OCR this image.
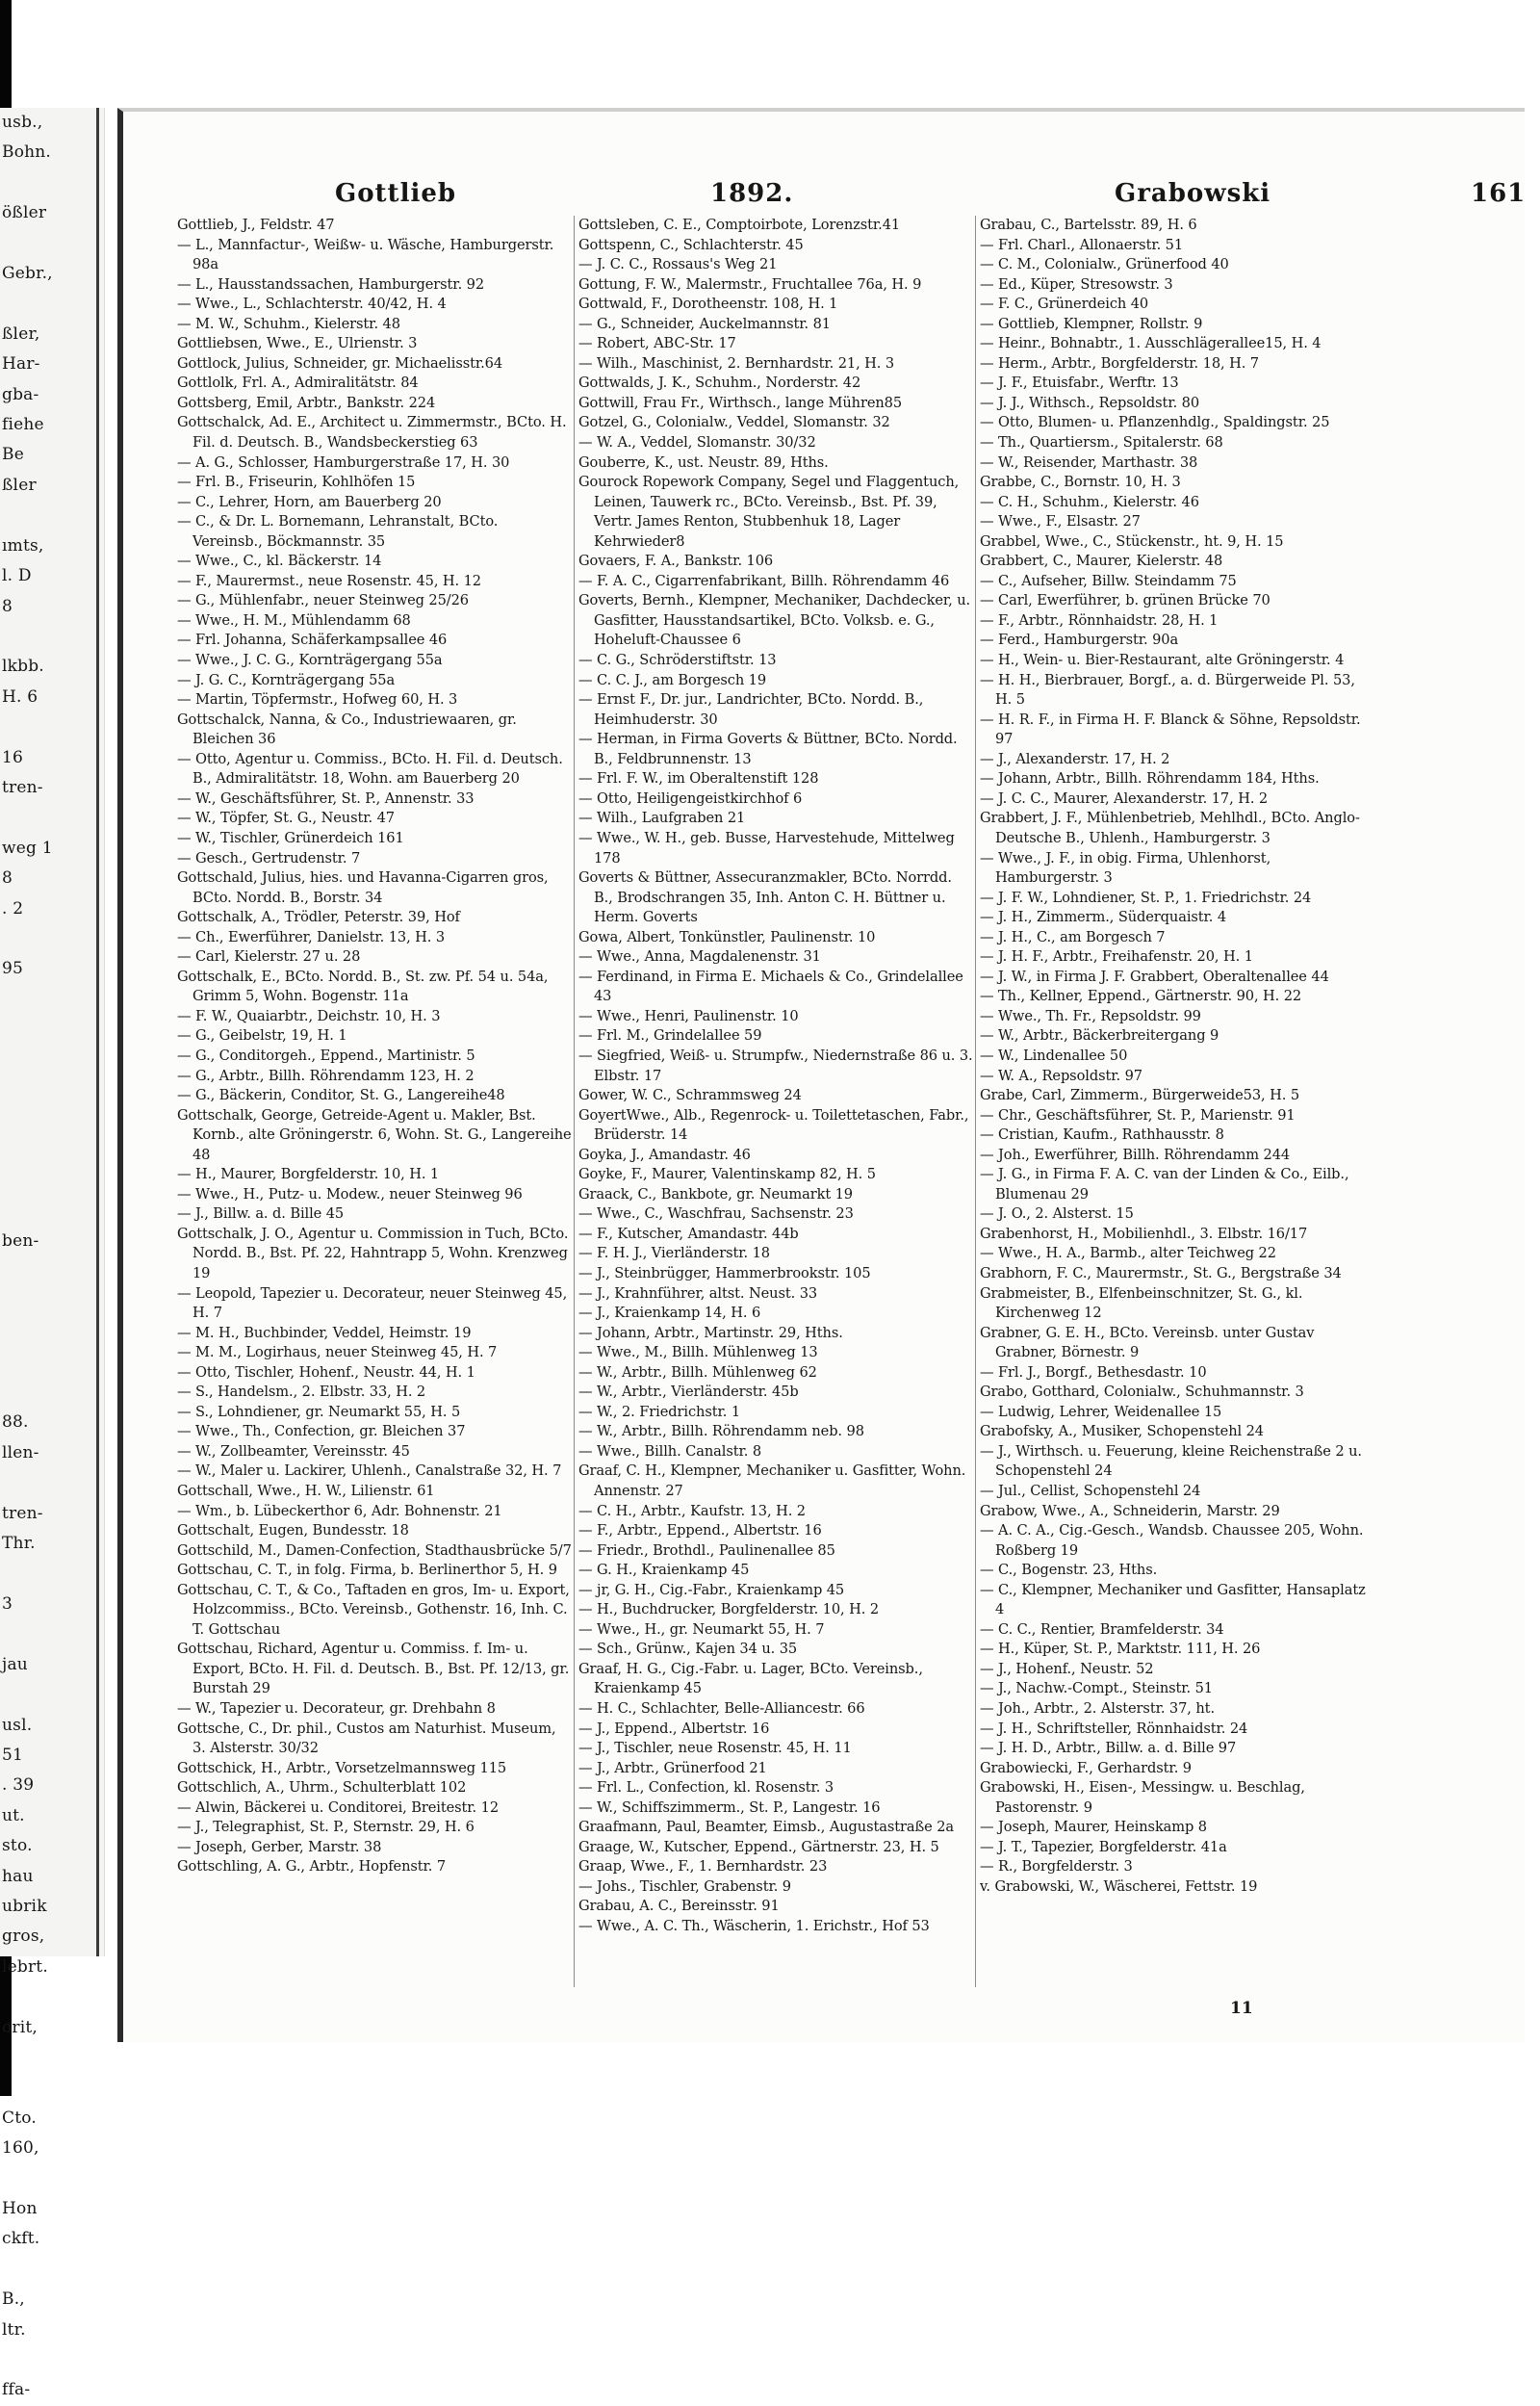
usb.,
Bohn.

ößler

Gebr.,

ßler,
Har-
gba-
fiehe
Be
ßler

ımts,
l. D
8

lkbb.
H. 6

16
tren-

weg 1
8
. 2

95

ben-

88.
llen-

tren-
Thr.

3

jau

usl.
51
. 39
ut.
sto.
hau
ubrik
gros,
lebrt.

orit,

Cto.
160,

Hon
ckft.

B.,
ltr.

ffa-
Gottlieb	1892.	Grabowski	161

Gottlieb, J., Feldstr. 47

— L., Mannfactur-, Weißw- u. Wäsche, Hamburgerstr. 98a

— L., Hausstandssachen, Hamburgerstr. 92

— Wwe., L., Schlachterstr. 40/42, H. 4

— M. W., Schuhm., Kielerstr. 48

Gottliebsen, Wwe., E., Ulrienstr. 3

Gottlock, Julius, Schneider, gr. Michaelisstr.64

Gottlolk, Frl. A., Admiralitätstr. 84

Gottsberg, Emil, Arbtr., Bankstr. 224

Gottschalck, Ad. E., Architect u. Zimmermstr., BCto. H. Fil. d. Deutsch. B., Wandsbeckerstieg 63

— A. G., Schlosser, Hamburgerstraße 17, H. 30

— Frl. B., Friseurin, Kohlhöfen 15

— C., Lehrer, Horn, am Bauerberg 20

— C., & Dr. L. Bornemann, Lehranstalt, BCto. Vereinsb., Böckmannstr. 35

— Wwe., C., kl. Bäckerstr. 14

— F., Maurermst., neue Rosenstr. 45, H. 12

— G., Mühlenfabr., neuer Steinweg 25/26

— Wwe., H. M., Mühlendamm 68

— Frl. Johanna, Schäferkampsallee 46

— Wwe., J. C. G., Kornträgergang 55a

— J. G. C., Kornträgergang 55a

— Martin, Töpfermstr., Hofweg 60, H. 3

Gottschalck, Nanna, & Co., Industriewaaren, gr. Bleichen 36

— Otto, Agentur u. Commiss., BCto. H. Fil. d. Deutsch. B., Admiralitätstr. 18, Wohn. am Bauerberg 20

— W., Geschäftsführer, St. P., Annenstr. 33

— W., Töpfer, St. G., Neustr. 47

— W., Tischler, Grünerdeich 161

— Gesch., Gertrudenstr. 7

Gottschald, Julius, hies. und Havanna-Cigarren gros, BCto. Nordd. B., Borstr. 34

Gottschalk, A., Trödler, Peterstr. 39, Hof

— Ch., Ewerführer, Danielstr. 13, H. 3

— Carl, Kielerstr. 27 u. 28

Gottschalk, E., BCto. Nordd. B., St. zw. Pf. 54 u. 54a, Grimm 5, Wohn. Bogenstr. 11a

— F. W., Quaiarbtr., Deichstr. 10, H. 3

— G., Geibelstr, 19, H. 1

— G., Conditorgeh., Eppend., Martinistr. 5

— G., Arbtr., Billh. Röhrendamm 123, H. 2

— G., Bäckerin, Conditor, St. G., Langereihe48

Gottschalk, George, Getreide-Agent u. Makler, Bst. Kornb., alte Gröningerstr. 6, Wohn. St. G., Langereihe 48

— H., Maurer, Borgfelderstr. 10, H. 1

— Wwe., H., Putz- u. Modew., neuer Steinweg 96

— J., Billw. a. d. Bille 45

Gottschalk, J. O., Agentur u. Commission in Tuch, BCto. Nordd. B., Bst. Pf. 22, Hahntrapp 5, Wohn. Krenzweg 19

— Leopold, Tapezier u. Decorateur, neuer Steinweg 45, H. 7

— M. H., Buchbinder, Veddel, Heimstr. 19

— M. M., Logirhaus, neuer Steinweg 45, H. 7

— Otto, Tischler, Hohenf., Neustr. 44, H. 1

— S., Handelsm., 2. Elbstr. 33, H. 2

— S., Lohndiener, gr. Neumarkt 55, H. 5

— Wwe., Th., Confection, gr. Bleichen 37

— W., Zollbeamter, Vereinsstr. 45

— W., Maler u. Lackirer, Uhlenh., Canalstraße 32, H. 7

Gottschall, Wwe., H. W., Lilienstr. 61

— Wm., b. Lübeckerthor 6, Adr. Bohnenstr. 21

Gottschalt, Eugen, Bundesstr. 18

Gottschild, M., Damen-Confection, Stadthausbrücke 5/7

Gottschau, C. T., in folg. Firma, b. Berlinerthor 5, H. 9

Gottschau, C. T., & Co., Taftaden en gros, Im- u. Export, Holzcommiss., BCto. Vereinsb., Gothenstr. 16, Inh. C. T. Gottschau

Gottschau, Richard, Agentur u. Commiss. f. Im- u. Export, BCto. H. Fil. d. Deutsch. B., Bst. Pf. 12/13, gr. Burstah 29

— W., Tapezier u. Decorateur, gr. Drehbahn 8

Gottsche, C., Dr. phil., Custos am Naturhist. Museum, 3. Alsterstr. 30/32

Gottschick, H., Arbtr., Vorsetzelmannsweg 115

Gottschlich, A., Uhrm., Schulterblatt 102

— Alwin, Bäckerei u. Conditorei, Breitestr. 12

— J., Telegraphist, St. P., Sternstr. 29, H. 6

— Joseph, Gerber, Marstr. 38

Gottschling, A. G., Arbtr., Hopfenstr. 7

Gottsleben, C. E., Comptoirbote, Lorenzstr.41

Gottspenn, C., Schlachterstr. 45

— J. C. C., Rossaus's Weg 21

Gottung, F. W., Malermstr., Fruchtallee 76a, H. 9

Gottwald, F., Dorotheenstr. 108, H. 1

— G., Schneider, Auckelmannstr. 81

— Robert, ABC-Str. 17

— Wilh., Maschinist, 2. Bernhardstr. 21, H. 3

Gottwalds, J. K., Schuhm., Norderstr. 42

Gottwill, Frau Fr., Wirthsch., lange Mühren85

Gotzel, G., Colonialw., Veddel, Slomanstr. 32

— W. A., Veddel, Slomanstr. 30/32

Gouberre, K., ust. Neustr. 89, Hths.

Gourock Ropework Company, Segel und Flaggentuch, Leinen, Tauwerk rc., BCto. Vereinsb., Bst. Pf. 39, Vertr. James Renton, Stubbenhuk 18, Lager Kehrwieder8

Govaers, F. A., Bankstr. 106

— F. A. C., Cigarrenfabrikant, Billh. Röhrendamm 46

Goverts, Bernh., Klempner, Mechaniker, Dachdecker, u. Gasfitter, Hausstandsartikel, BCto. Volksb. e. G., Hoheluft-Chaussee 6

— C. G., Schröderstiftstr. 13

— C. C. J., am Borgesch 19

— Ernst F., Dr. jur., Landrichter, BCto. Nordd. B., Heimhuderstr. 30

— Herman, in Firma Goverts & Büttner, BCto. Nordd. B., Feldbrunnenstr. 13

— Frl. F. W., im Oberaltenstift 128

— Otto, Heiligengeistkirchhof 6

— Wilh., Laufgraben 21

— Wwe., W. H., geb. Busse, Harvestehude, Mittelweg 178

Goverts & Büttner, Assecuranzmakler, BCto. Norrdd. B., Brodschrangen 35, Inh. Anton C. H. Büttner u. Herm. Goverts

Gowa, Albert, Tonkünstler, Paulinenstr. 10

— Wwe., Anna, Magdalenenstr. 31

— Ferdinand, in Firma E. Michaels & Co., Grindelallee 43

— Wwe., Henri, Paulinenstr. 10

— Frl. M., Grindelallee 59

— Siegfried, Weiß- u. Strumpfw., Niedernstraße 86 u. 3. Elbstr. 17

Gower, W. C., Schrammsweg 24

GoyertWwe., Alb., Regenrock- u. Toilettetaschen, Fabr., Brüderstr. 14

Goyka, J., Amandastr. 46

Goyke, F., Maurer, Valentinskamp 82, H. 5

Graack, C., Bankbote, gr. Neumarkt 19

— Wwe., C., Waschfrau, Sachsenstr. 23

— F., Kutscher, Amandastr. 44b

— F. H. J., Vierländerstr. 18

— J., Steinbrügger, Hammerbrookstr. 105

— J., Krahnführer, altst. Neust. 33

— J., Kraienkamp 14, H. 6

— Johann, Arbtr., Martinstr. 29, Hths.

— Wwe., M., Billh. Mühlenweg 13

— W., Arbtr., Billh. Mühlenweg 62

— W., Arbtr., Vierländerstr. 45b

— W., 2. Friedrichstr. 1

— W., Arbtr., Billh. Röhrendamm neb. 98

— Wwe., Billh. Canalstr. 8

Graaf, C. H., Klempner, Mechaniker u. Gasfitter, Wohn. Annenstr. 27

— C. H., Arbtr., Kaufstr. 13, H. 2

— F., Arbtr., Eppend., Albertstr. 16

— Friedr., Brothdl., Paulinenallee 85

— G. H., Kraienkamp 45

— jr, G. H., Cig.-Fabr., Kraienkamp 45

— H., Buchdrucker, Borgfelderstr. 10, H. 2

— Wwe., H., gr. Neumarkt 55, H. 7

— Sch., Grünw., Kajen 34 u. 35

Graaf, H. G., Cig.-Fabr. u. Lager, BCto. Vereinsb., Kraienkamp 45

— H. C., Schlachter, Belle-Alliancestr. 66

— J., Eppend., Albertstr. 16

— J., Tischler, neue Rosenstr. 45, H. 11

— J., Arbtr., Grünerfood 21

— Frl. L., Confection, kl. Rosenstr. 3

— W., Schiffszimmerm., St. P., Langestr. 16

Graafmann, Paul, Beamter, Eimsb., Augustastraße 2a

Graage, W., Kutscher, Eppend., Gärtnerstr. 23, H. 5

Graap, Wwe., F., 1. Bernhardstr. 23

— Johs., Tischler, Grabenstr. 9

Grabau, A. C., Bereinsstr. 91

— Wwe., A. C. Th., Wäscherin, 1. Erichstr., Hof 53

Grabau, C., Bartelsstr. 89, H. 6

— Frl. Charl., Allonaerstr. 51

— C. M., Colonialw., Grünerfood 40

— Ed., Küper, Stresowstr. 3

— F. C., Grünerdeich 40

— Gottlieb, Klempner, Rollstr. 9

— Heinr., Bohnabtr., 1. Ausschlägerallee15, H. 4

— Herm., Arbtr., Borgfelderstr. 18, H. 7

— J. F., Etuisfabr., Werftr. 13

— J. J., Withsch., Repsoldstr. 80

— Otto, Blumen- u. Pflanzenhdlg., Spaldingstr. 25

— Th., Quartiersm., Spitalerstr. 68

— W., Reisender, Marthastr. 38

Grabbe, C., Bornstr. 10, H. 3

— C. H., Schuhm., Kielerstr. 46

— Wwe., F., Elsastr. 27

Grabbel, Wwe., C., Stückenstr., ht. 9, H. 15

Grabbert, C., Maurer, Kielerstr. 48

— C., Aufseher, Billw. Steindamm 75

— Carl, Ewerführer, b. grünen Brücke 70

— F., Arbtr., Rönnhaidstr. 28, H. 1

— Ferd., Hamburgerstr. 90a

— H., Wein- u. Bier-Restaurant, alte Gröningerstr. 4

— H. H., Bierbrauer, Borgf., a. d. Bürgerweide Pl. 53, H. 5

— H. R. F., in Firma H. F. Blanck & Söhne, Repsoldstr. 97

— J., Alexanderstr. 17, H. 2

— Johann, Arbtr., Billh. Röhrendamm 184, Hths.

— J. C. C., Maurer, Alexanderstr. 17, H. 2

Grabbert, J. F., Mühlenbetrieb, Mehlhdl., BCto. Anglo-Deutsche B., Uhlenh., Hamburgerstr. 3

— Wwe., J. F., in obig. Firma, Uhlenhorst, Hamburgerstr. 3

— J. F. W., Lohndiener, St. P., 1. Friedrichstr. 24

— J. H., Zimmerm., Süderquaistr. 4

— J. H., C., am Borgesch 7

— J. H. F., Arbtr., Freihafenstr. 20, H. 1

— J. W., in Firma J. F. Grabbert, Oberaltenallee 44

— Th., Kellner, Eppend., Gärtnerstr. 90, H. 22

— Wwe., Th. Fr., Repsoldstr. 99

— W., Arbtr., Bäckerbreitergang 9

— W., Lindenallee 50

— W. A., Repsoldstr. 97

Grabe, Carl, Zimmerm., Bürgerweide53, H. 5

— Chr., Geschäftsführer, St. P., Marienstr. 91

— Cristian, Kaufm., Rathhausstr. 8

— Joh., Ewerführer, Billh. Röhrendamm 244

— J. G., in Firma F. A. C. van der Linden & Co., Eilb., Blumenau 29

— J. O., 2. Alsterst. 15

Grabenhorst, H., Mobilienhdl., 3. Elbstr. 16/17

— Wwe., H. A., Barmb., alter Teichweg 22

Grabhorn, F. C., Maurermstr., St. G., Bergstraße 34

Grabmeister, B., Elfenbeinschnitzer, St. G., kl. Kirchenweg 12

Grabner, G. E. H., BCto. Vereinsb. unter Gustav Grabner, Börnestr. 9

— Frl. J., Borgf., Bethesdastr. 10

Grabo, Gotthard, Colonialw., Schuhmannstr. 3

— Ludwig, Lehrer, Weidenallee 15

Grabofsky, A., Musiker, Schopenstehl 24

— J., Wirthsch. u. Feuerung, kleine Reichenstraße 2 u. Schopenstehl 24

— Jul., Cellist, Schopenstehl 24

Grabow, Wwe., A., Schneiderin, Marstr. 29

— A. C. A., Cig.-Gesch., Wandsb. Chaussee 205, Wohn. Roßberg 19

— C., Bogenstr. 23, Hths.

— C., Klempner, Mechaniker und Gasfitter, Hansaplatz 4

— C. C., Rentier, Bramfelderstr. 34

— H., Küper, St. P., Marktstr. 111, H. 26

— J., Hohenf., Neustr. 52

— J., Nachw.-Compt., Steinstr. 51

— Joh., Arbtr., 2. Alsterstr. 37, ht.

— J. H., Schriftsteller, Rönnhaidstr. 24

— J. H. D., Arbtr., Billw. a. d. Bille 97

Grabowiecki, F., Gerhardstr. 9

Grabowski, H., Eisen-, Messingw. u. Beschlag, Pastorenstr. 9

— Joseph, Maurer, Heinskamp 8

— J. T., Tapezier, Borgfelderstr. 41a

— R., Borgfelderstr. 3

v. Grabowski, W., Wäscherei, Fettstr. 19

11
